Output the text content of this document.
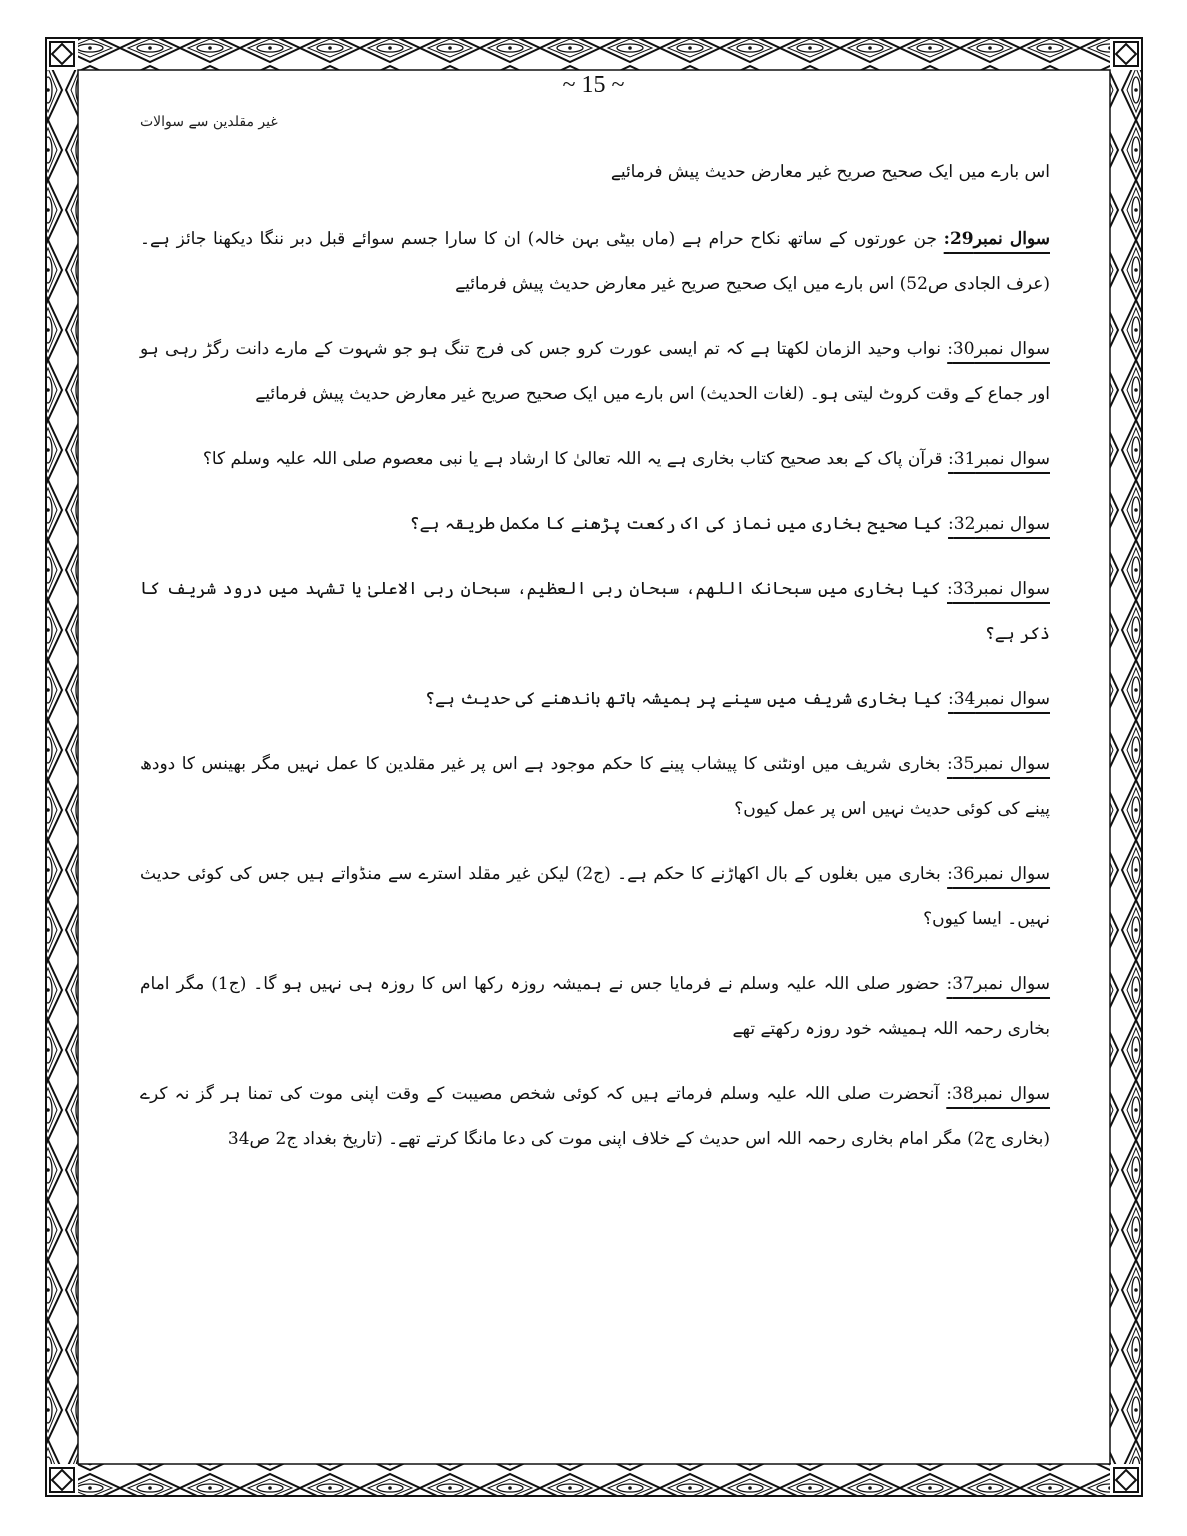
~ 15 ~
غیر مقلدین سے سوالات

اس بارے میں ایک صحیح صریح غیر معارض حدیث پیش فرمائیے

سوال نمبر29: جن عورتوں کے ساتھ نکاح حرام ہے (ماں بیٹی بہن خالہ) ان کا سارا جسم سوائے قبل دبر ننگا دیکھنا جائز ہے۔ (عرف الجادی ص52) اس بارے میں ایک صحیح صریح غیر معارض حدیث پیش فرمائیے

سوال نمبر30: نواب وحید الزمان لکھتا ہے کہ تم ایسی عورت کرو جس کی فرج تنگ ہو جو شہوت کے مارے دانت رگڑ رہی ہو اور جماع کے وقت کروٹ لیتی ہو۔ (لغات الحدیث) اس بارے میں ایک صحیح صریح غیر معارض حدیث پیش فرمائیے

سوال نمبر31: قرآن پاک کے بعد صحیح کتاب بخاری ہے یہ اللہ تعالیٰ کا ارشاد ہے یا نبی معصوم صلی اللہ علیہ وسلم کا؟

سوال نمبر32: کیا صحیح بخاری میں نماز کی اک رکعت پڑھنے کا مکمل طریقہ ہے؟

سوال نمبر33: کیا بخاری میں سبحانک اللھم، سبحان ربی العظیم، سبحان ربی الاعلیٰ یا تشہد میں درود شریف کا ذکر ہے؟

سوال نمبر34: کیا بخاری شریف میں سینے پر ہمیشہ ہاتھ باندھنے کی حدیث ہے؟

سوال نمبر35: بخاری شریف میں اونٹنی کا پیشاب پینے کا حکم موجود ہے اس پر غیر مقلدین کا عمل نہیں مگر بھینس کا دودھ پینے کی کوئی حدیث نہیں اس پر عمل کیوں؟

سوال نمبر36: بخاری میں بغلوں کے بال اکھاڑنے کا حکم ہے۔ (ج2) لیکن غیر مقلد استرے سے منڈواتے ہیں جس کی کوئی حدیث نہیں۔ ایسا کیوں؟

سوال نمبر37: حضور صلی اللہ علیہ وسلم نے فرمایا جس نے ہمیشہ روزہ رکھا اس کا روزہ ہی نہیں ہو گا۔ (ج1) مگر امام بخاری رحمہ اللہ ہمیشہ خود روزہ رکھتے تھے

سوال نمبر38: آنحضرت صلی اللہ علیہ وسلم فرماتے ہیں کہ کوئی شخص مصیبت کے وقت اپنی موت کی تمنا ہر گز نہ کرے (بخاری ج2) مگر امام بخاری رحمہ اللہ اس حدیث کے خلاف اپنی موت کی دعا مانگا کرتے تھے۔ (تاریخ بغداد ج2 ص34
